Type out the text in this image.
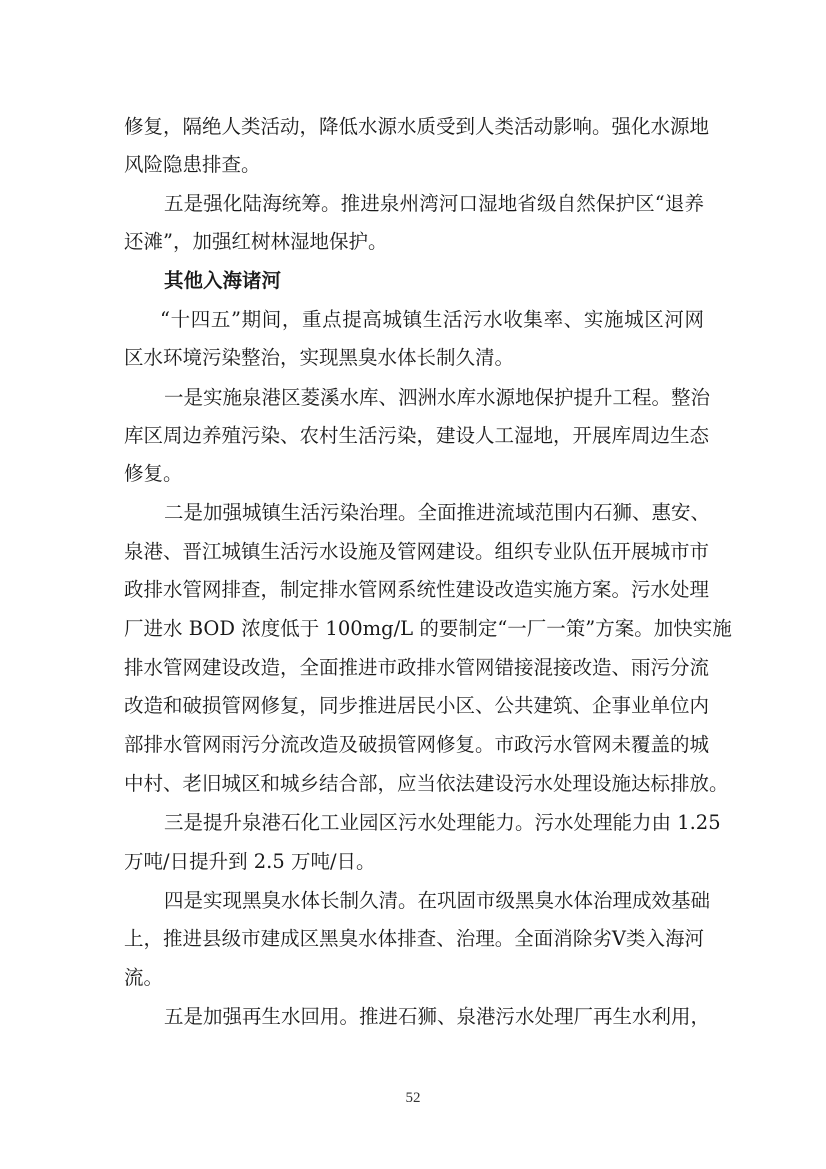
修复，隔绝人类活动，降低水源水质受到人类活动影响。强化水源地
风险隐患排查。
五是强化陆海统筹。推进泉州湾河口湿地省级自然保护区“退养
还滩”，加强红树林湿地保护。
其他入海诸河
“十四五”期间，重点提高城镇生活污水收集率、实施城区河网
区水环境污染整治，实现黑臭水体长制久清。
一是实施泉港区菱溪水库、泗洲水库水源地保护提升工程。整治
库区周边养殖污染、农村生活污染，建设人工湿地，开展库周边生态
修复。
二是加强城镇生活污染治理。全面推进流域范围内石狮、惠安、
泉港、晋江城镇生活污水设施及管网建设。组织专业队伍开展城市市
政排水管网排查，制定排水管网系统性建设改造实施方案。污水处理
厂进水 BOD 浓度低于 100mg/L 的要制定“一厂一策”方案。加快实施
排水管网建设改造，全面推进市政排水管网错接混接改造、雨污分流
改造和破损管网修复，同步推进居民小区、公共建筑、企事业单位内
部排水管网雨污分流改造及破损管网修复。市政污水管网未覆盖的城
中村、老旧城区和城乡结合部，应当依法建设污水处理设施达标排放。
三是提升泉港石化工业园区污水处理能力。污水处理能力由 1.25
万吨/日提升到 2.5 万吨/日。
四是实现黑臭水体长制久清。在巩固市级黑臭水体治理成效基础
上，推进县级市建成区黑臭水体排查、治理。全面消除劣Ⅴ类入海河
流。
五是加强再生水回用。推进石狮、泉港污水处理厂再生水利用，
52
